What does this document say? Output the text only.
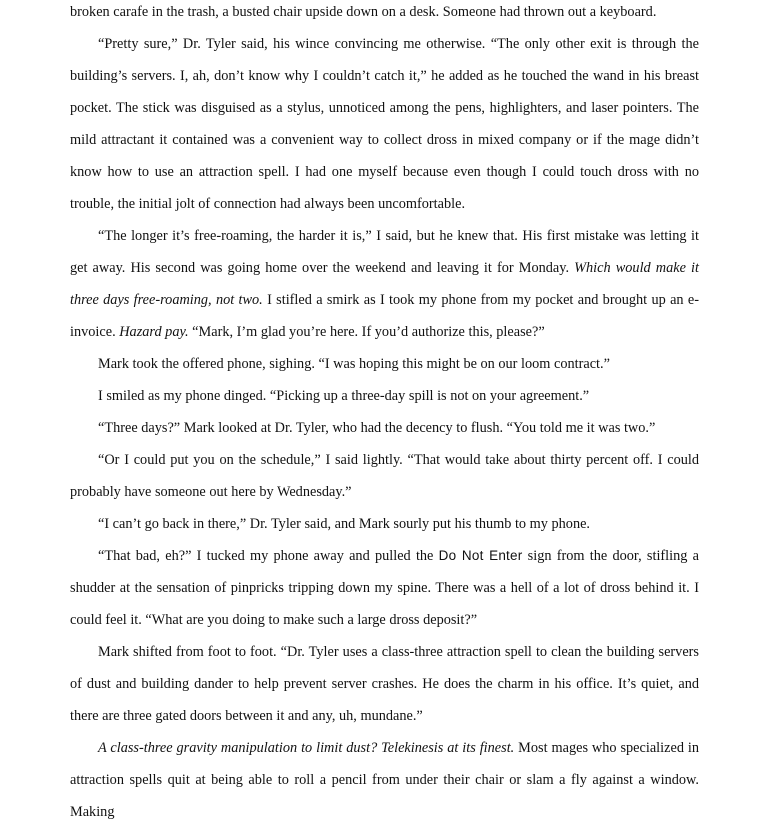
broken carafe in the trash, a busted chair upside down on a desk. Someone had thrown out a keyboard.

“Pretty sure,” Dr. Tyler said, his wince convincing me otherwise. “The only other exit is through the building’s servers. I, ah, don’t know why I couldn’t catch it,” he added as he touched the wand in his breast pocket. The stick was disguised as a stylus, unnoticed among the pens, highlighters, and laser pointers. The mild attractant it contained was a convenient way to collect dross in mixed company or if the mage didn’t know how to use an attraction spell. I had one myself because even though I could touch dross with no trouble, the initial jolt of connection had always been uncomfortable.

“The longer it’s free-roaming, the harder it is,” I said, but he knew that. His first mistake was letting it get away. His second was going home over the weekend and leaving it for Monday. Which would make it three days free-roaming, not two. I stifled a smirk as I took my phone from my pocket and brought up an e-invoice. Hazard pay. “Mark, I’m glad you’re here. If you’d authorize this, please?”

Mark took the offered phone, sighing. “I was hoping this might be on our loom contract.”

I smiled as my phone dinged. “Picking up a three-day spill is not on your agreement.”

“Three days?” Mark looked at Dr. Tyler, who had the decency to flush. “You told me it was two.”

“Or I could put you on the schedule,” I said lightly. “That would take about thirty percent off. I could probably have someone out here by Wednesday.”

“I can’t go back in there,” Dr. Tyler said, and Mark sourly put his thumb to my phone.

“That bad, eh?” I tucked my phone away and pulled the Do Not Enter sign from the door, stifling a shudder at the sensation of pinpricks tripping down my spine. There was a hell of a lot of dross behind it. I could feel it. “What are you doing to make such a large dross deposit?”

Mark shifted from foot to foot. “Dr. Tyler uses a class-three attraction spell to clean the building servers of dust and building dander to help prevent server crashes. He does the charm in his office. It’s quiet, and there are three gated doors between it and any, uh, mundane.”

A class-three gravity manipulation to limit dust? Telekinesis at its finest. Most mages who specialized in attraction spells quit at being able to roll a pencil from under their chair or slam a fly against a window. Making
